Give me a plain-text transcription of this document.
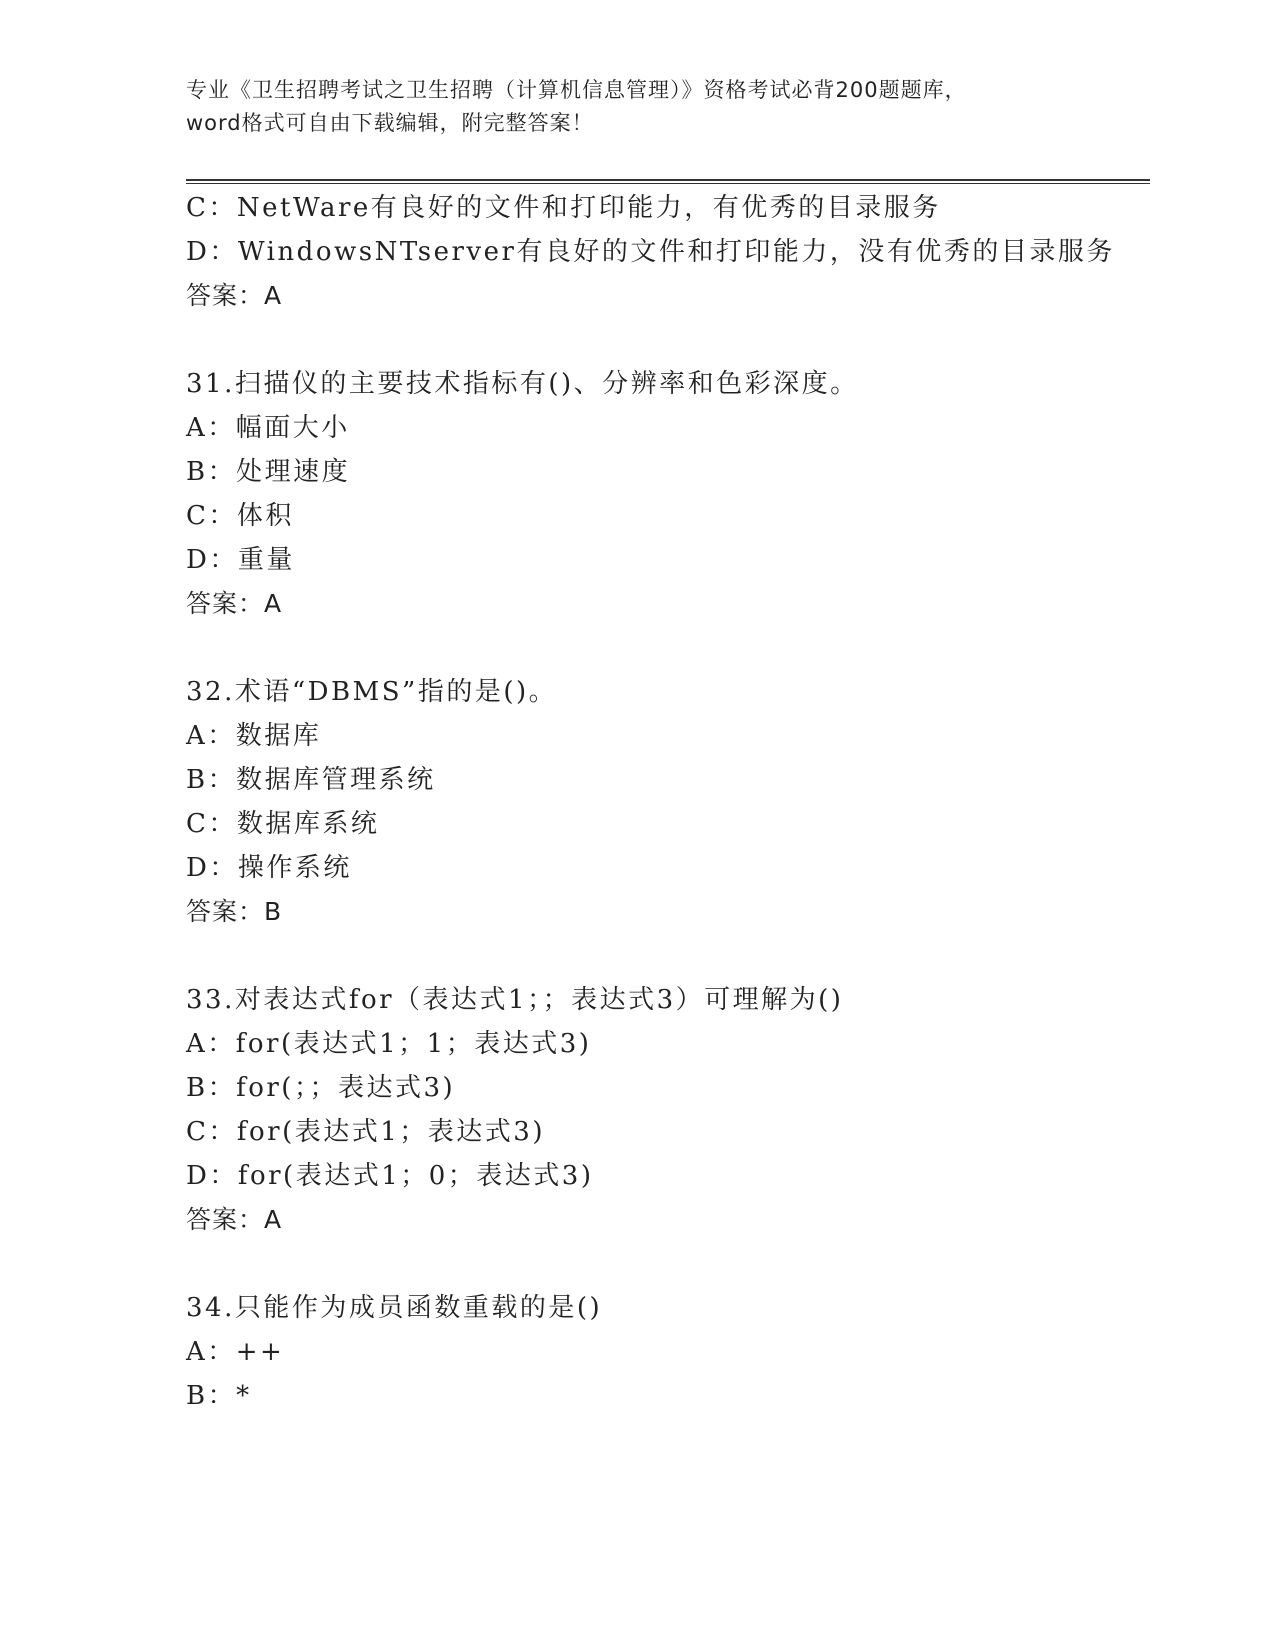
专业《卫生招聘考试之卫生招聘（计算机信息管理）》资格考试必背200题题库，
word格式可自由下载编辑，附完整答案！
C：NetWare有良好的文件和打印能力，有优秀的目录服务
D：WindowsNTserver有良好的文件和打印能力，没有优秀的目录服务
答案：A
31.扫描仪的主要技术指标有()、分辨率和色彩深度。
A：幅面大小
B：处理速度
C：体积
D：重量
答案：A
32.术语“DBMS”指的是()。
A：数据库
B：数据库管理系统
C：数据库系统
D：操作系统
答案：B
33.对表达式for（表达式1；；表达式3）可理解为()
A：for(表达式1；1；表达式3)
B：for(；；表达式3)
C：for(表达式1；表达式3)
D：for(表达式1；0；表达式3)
答案：A
34.只能作为成员函数重载的是()
A：++
B：*
